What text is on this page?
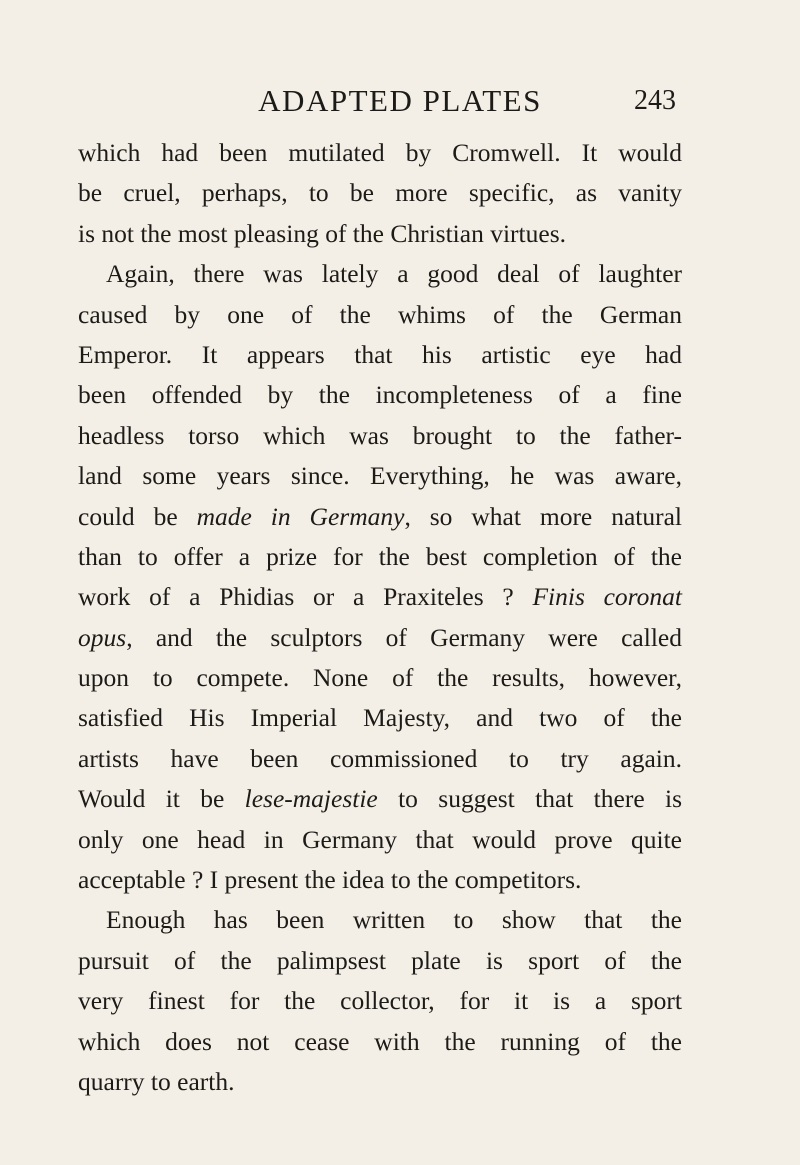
ADAPTED PLATES	243
which had been mutilated by Cromwell. It would
be cruel, perhaps, to be more specific, as vanity
is not the most pleasing of the Christian virtues.
Again, there was lately a good deal of laughter
caused by one of the whims of the German
Emperor. It appears that his artistic eye had
been offended by the incompleteness of a fine
headless torso which was brought to the father-
land some years since. Everything, he was aware,
could be made in Germany, so what more natural
than to offer a prize for the best completion of the
work of a Phidias or a Praxiteles ? Finis coronat
opus, and the sculptors of Germany were called
upon to compete. None of the results, however,
satisfied His Imperial Majesty, and two of the
artists have been commissioned to try again.
Would it be lese-majestie to suggest that there is
only one head in Germany that would prove quite
acceptable ? I present the idea to the competitors.
Enough has been written to show that the
pursuit of the palimpsest plate is sport of the
very finest for the collector, for it is a sport
which does not cease with the running of the
quarry to earth.
